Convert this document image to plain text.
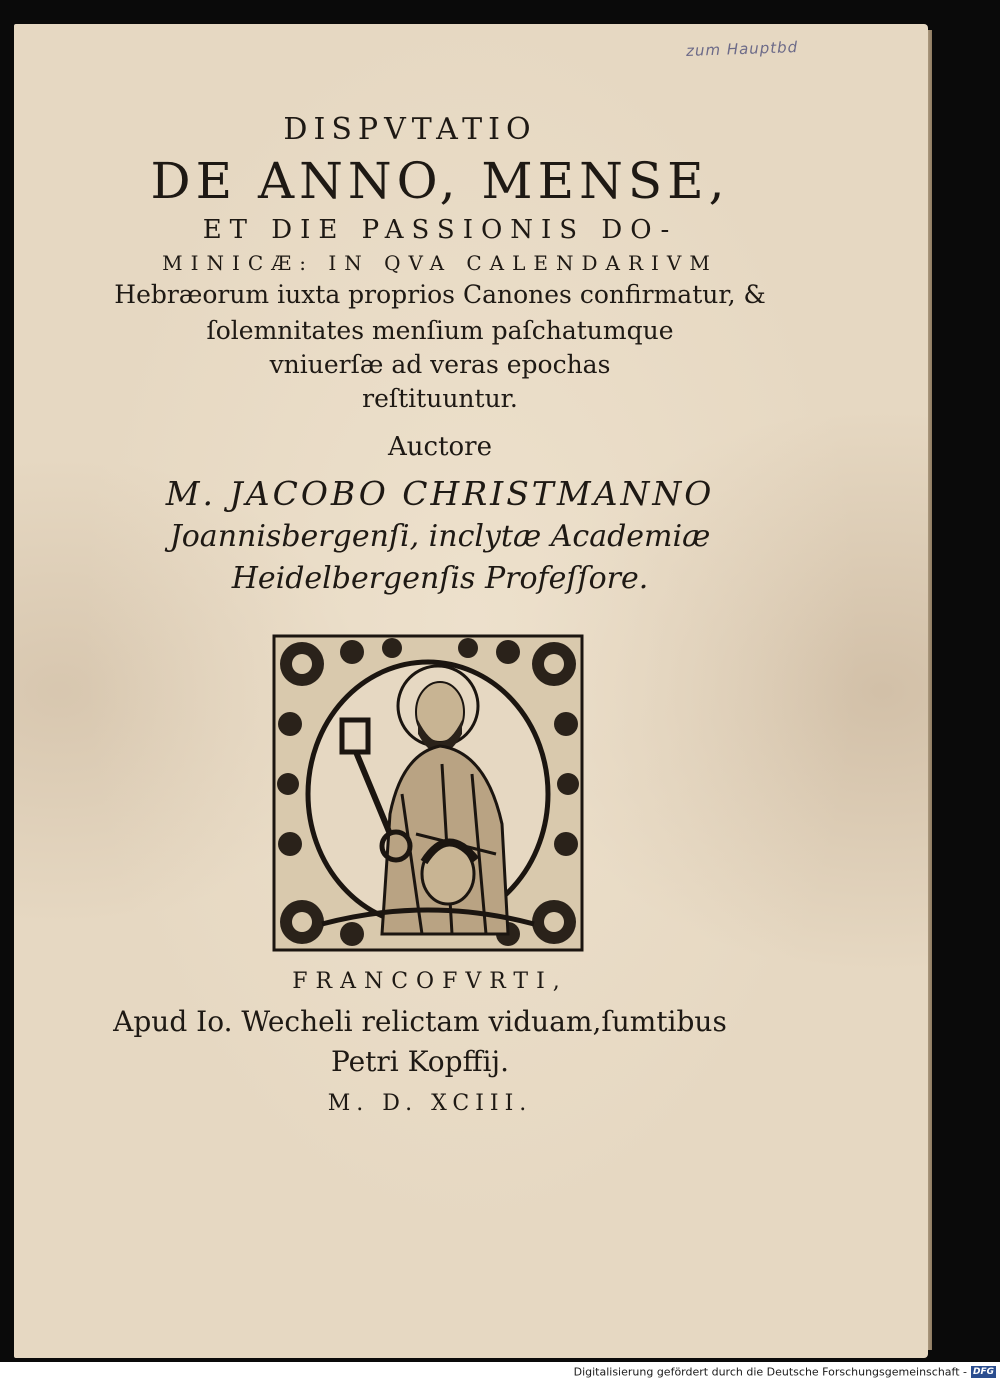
zum Hauptbd
DISPVTATIO
DE ANNO, MENSE,
ET DIE PASSIONIS DO-
MINICÆ: IN QVA CALENDARIVM
Hebræorum iuxta proprios Canones confirmatur, &
ſolemnitates menſium paſchatumque
vniuerſæ ad veras epochas
reſtituuntur.
Auctore
M. JACOBO CHRISTMANNO
Joannisbergenſi, inclytæ Academiæ
Heidelbergenſis Profeſſore.
FRANCOFVRTI,
Apud Io. Wecheli relictam viduam,ſumtibus
Petri Kopffij.
M. D. XCIII.
Digitalisierung gefördert durch die Deutsche Forschungsgemeinschaft - DFG
